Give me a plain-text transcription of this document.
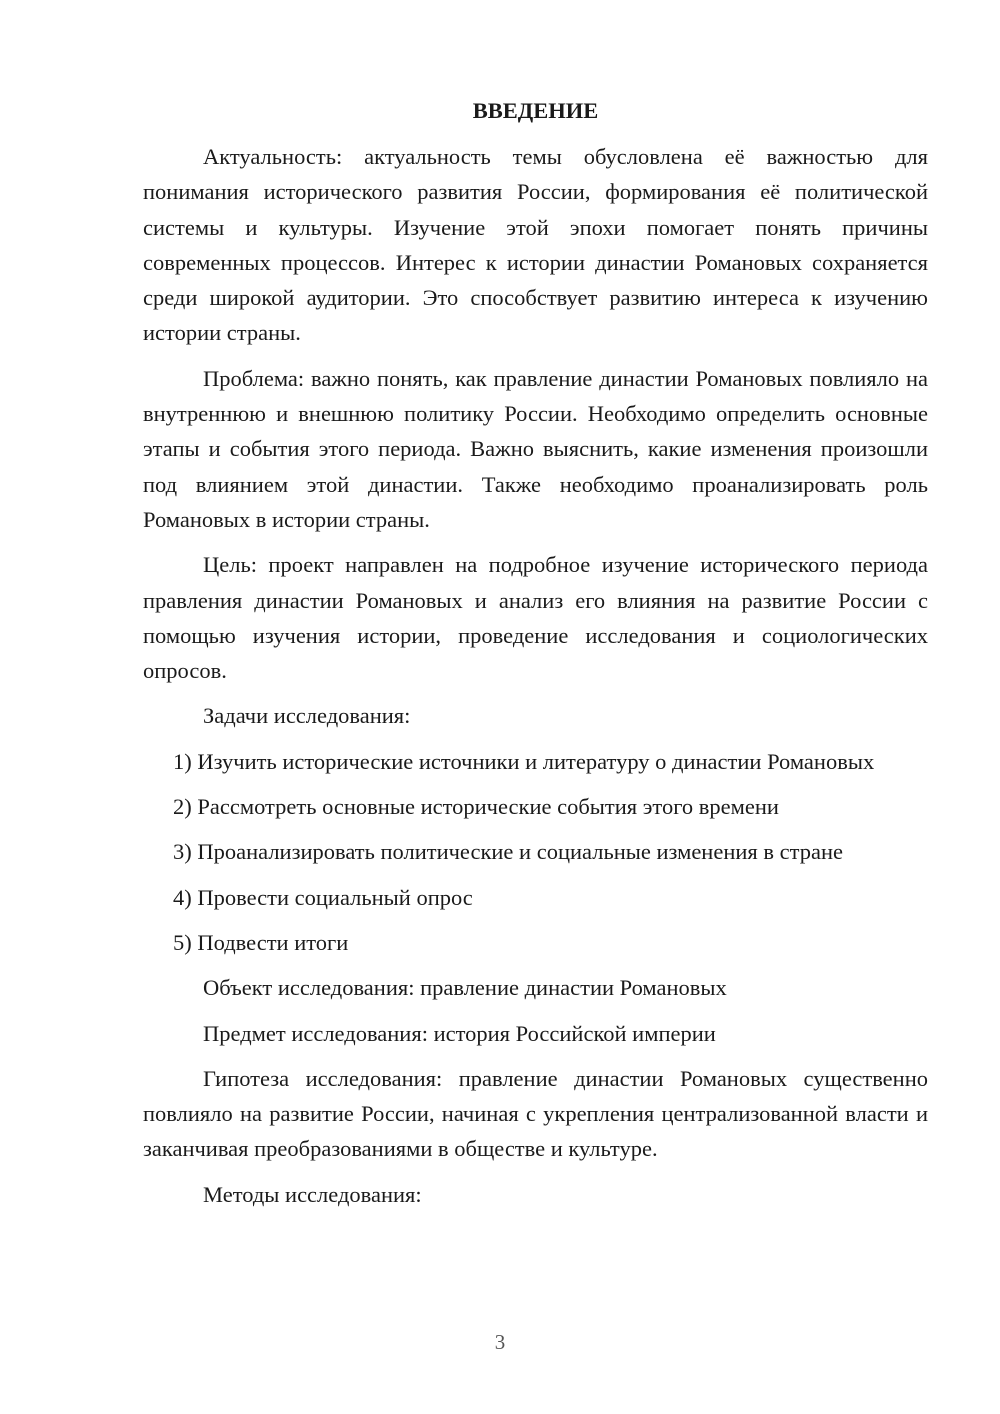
ВВЕДЕНИЕ

Актуальность: актуальность темы обусловлена её важностью для понимания исторического развития России, формирования её политической системы и культуры. Изучение этой эпохи помогает понять причины современных процессов. Интерес к истории династии Романовых сохраняется среди широкой аудитории. Это способствует развитию интереса к изучению истории страны.

Проблема: важно понять, как правление династии Романовых повлияло на внутреннюю и внешнюю политику России. Необходимо определить основные этапы и события этого периода. Важно выяснить, какие изменения произошли под влиянием этой династии. Также необходимо проанализировать роль Романовых в истории страны.

Цель: проект направлен на подробное изучение исторического периода правления династии Романовых и анализ его влияния на развитие России с помощью изучения истории, проведение исследования и социологических опросов.

Задачи исследования:

1) Изучить исторические источники и литературу о династии Романовых

2) Рассмотреть основные исторические события этого времени

3) Проанализировать политические и социальные изменения в стране

4) Провести социальный опрос

5) Подвести итоги

Объект исследования: правление династии Романовых

Предмет исследования: история Российской империи

Гипотеза исследования: правление династии Романовых существенно повлияло на развитие России, начиная с укрепления централизованной власти и заканчивая преобразованиями в обществе и культуре.

Методы исследования:

3
